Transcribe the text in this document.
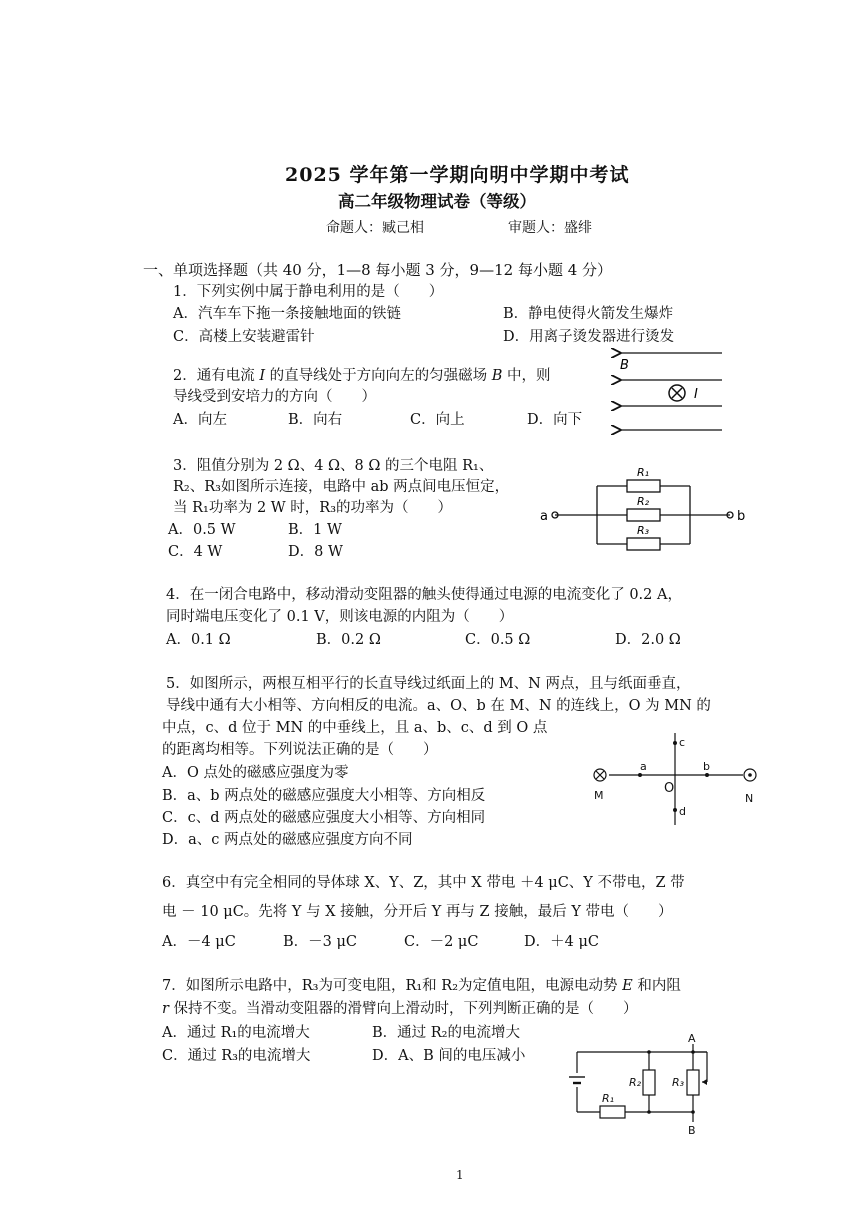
2025 学年第一学期向明中学期中考试
高二年级物理试卷（等级）
命题人：臧己相	审题人：盛绯
一、单项选择题（共 40 分，1—8 每小题 3 分，9—12 每小题 4 分）
1．下列实例中属于静电利用的是（　　）
A．汽车车下拖一条接触地面的铁链	B．静电使得火箭发生爆炸
C．高楼上安装避雷针	D．用离子烫发器进行烫发
2．通有电流 𝐼 的直导线处于方向向左的匀强磁场 𝐵 中，则
导线受到安培力的方向（　　）
A．向左	B．向右	C．向上	D．向下
B
I
3．阻值分别为 2 Ω、4 Ω、8 Ω 的三个电阻 R₁、
R₂、R₃如图所示连接，电路中 ab 两点间电压恒定，
当 R₁功率为 2 W 时，R₃的功率为（　　）
A．0.5 W	B．1 W
C．4 W	D．8 W
R₁
R₂
R₃
a	b
4．在一闭合电路中，移动滑动变阻器的触头使得通过电源的电流变化了 0.2 A，
同时端电压变化了 0.1 V，则该电源的内阻为（　　）
A．0.1 Ω	B．0.2 Ω	C．0.5 Ω	D．2.0 Ω
5．如图所示，两根互相平行的长直导线过纸面上的 M、N 两点，且与纸面垂直，
导线中通有大小相等、方向相反的电流。a、O、b 在 M、N 的连线上，O 为 MN 的
中点，c、d 位于 MN 的中垂线上，且 a、b、c、d 到 O 点
的距离均相等。下列说法正确的是（　　）
A．O 点处的磁感应强度为零
B．a、b 两点处的磁感应强度大小相等、方向相反
C．c、d 两点处的磁感应强度大小相等、方向相同
D．a、c 两点处的磁感应强度方向不同
c
a	b
d
O
M	N
6．真空中有完全相同的导体球 X、Y、Z，其中 X 带电 ＋4 μC、Y 不带电，Z 带
电 － 10 μC。先将 Y 与 X 接触，分开后 Y 再与 Z 接触，最后 Y 带电（　　）
A．－4 μC	B．－3 μC	C．－2 μC	D．＋4 μC
7．如图所示电路中，R₃为可变电阻，R₁和 R₂为定值电阻，电源电动势 𝐸 和内阻
𝑟 保持不变。当滑动变阻器的滑臂向上滑动时，下列判断正确的是（　　）
A．通过 R₁的电流增大	B．通过 R₂的电流增大
C．通过 R₃的电流增大	D．A、B 间的电压减小
A
B
R₁
R₂	R₃
1
